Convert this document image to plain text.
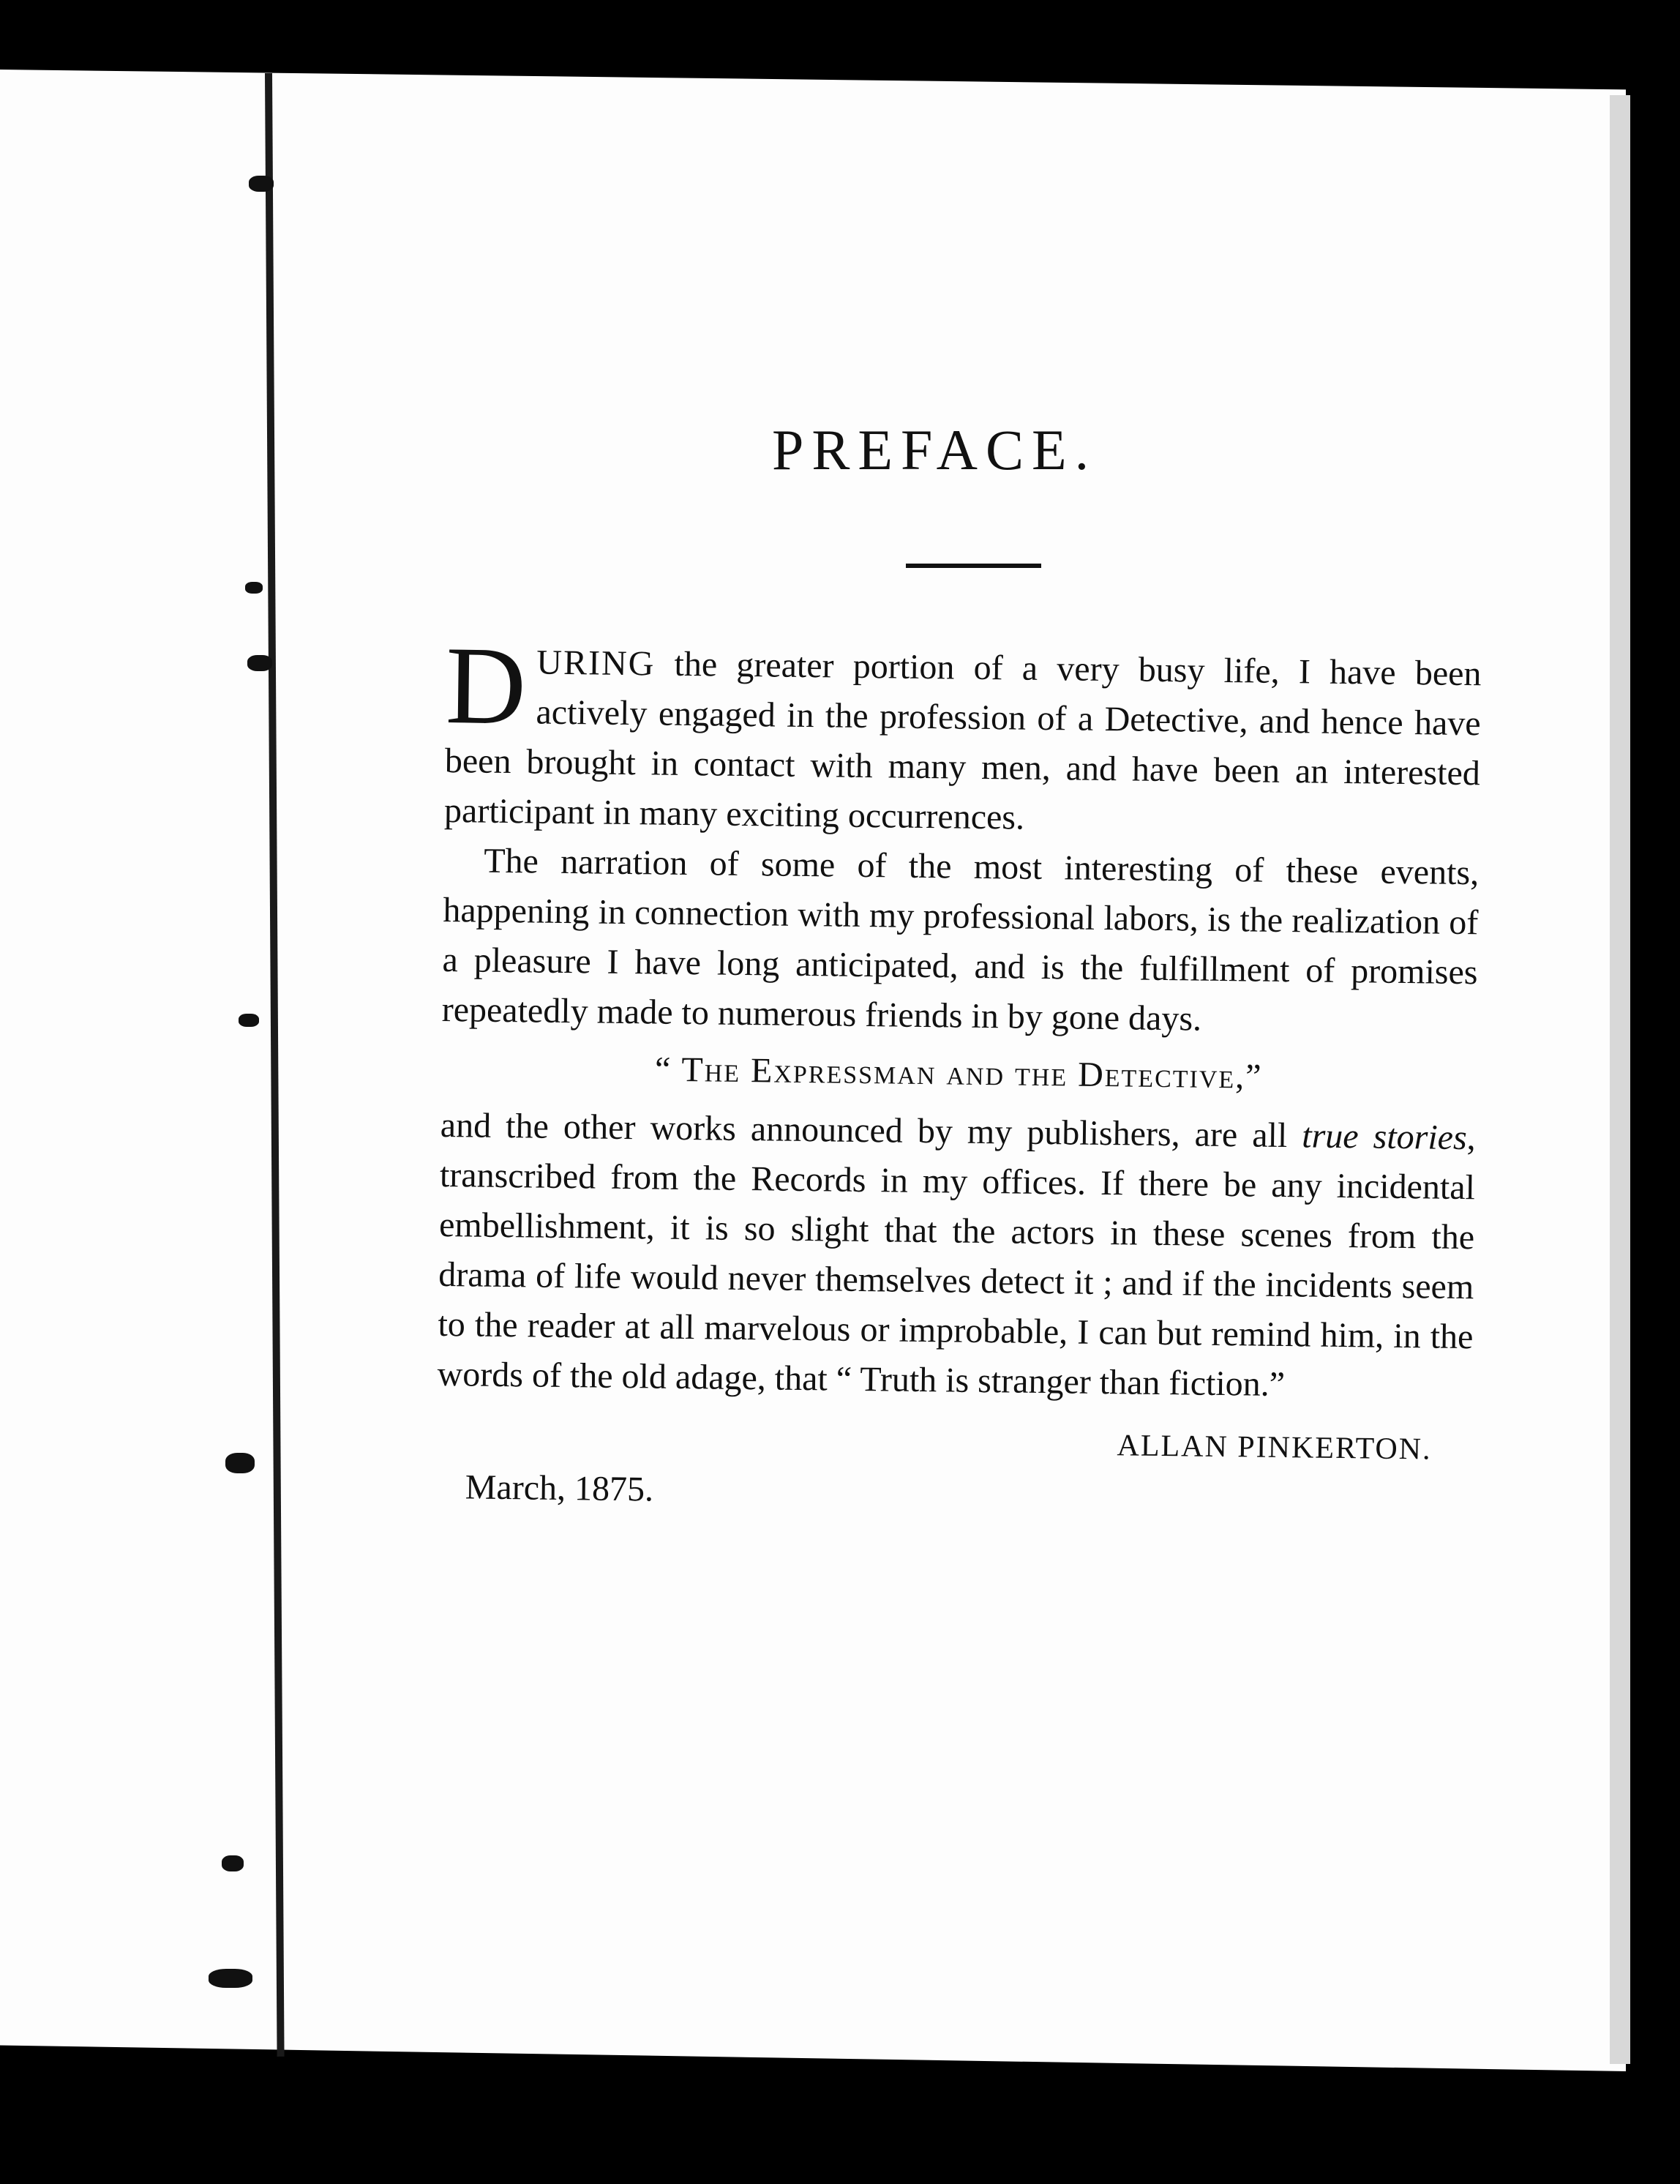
PREFACE.

DURING the greater portion of a very busy life, I have been actively engaged in the profession of a Detective, and hence have been brought in contact with many men, and have been an interested participant in many exciting occurrences.

The narration of some of the most interesting of these events, happening in connection with my professional labors, is the realization of a pleasure I have long anticipated, and is the fulfillment of promises repeatedly made to numerous friends in by gone days.

“ The Expressman and the Detective,”

and the other works announced by my publishers, are all true stories, transcribed from the Records in my offices. If there be any incidental embellishment, it is so slight that the actors in these scenes from the drama of life would never themselves detect it ; and if the incidents seem to the reader at all marvelous or improbable, I can but remind him, in the words of the old adage, that “ Truth is stranger than fiction.”

ALLAN PINKERTON.

March, 1875.
